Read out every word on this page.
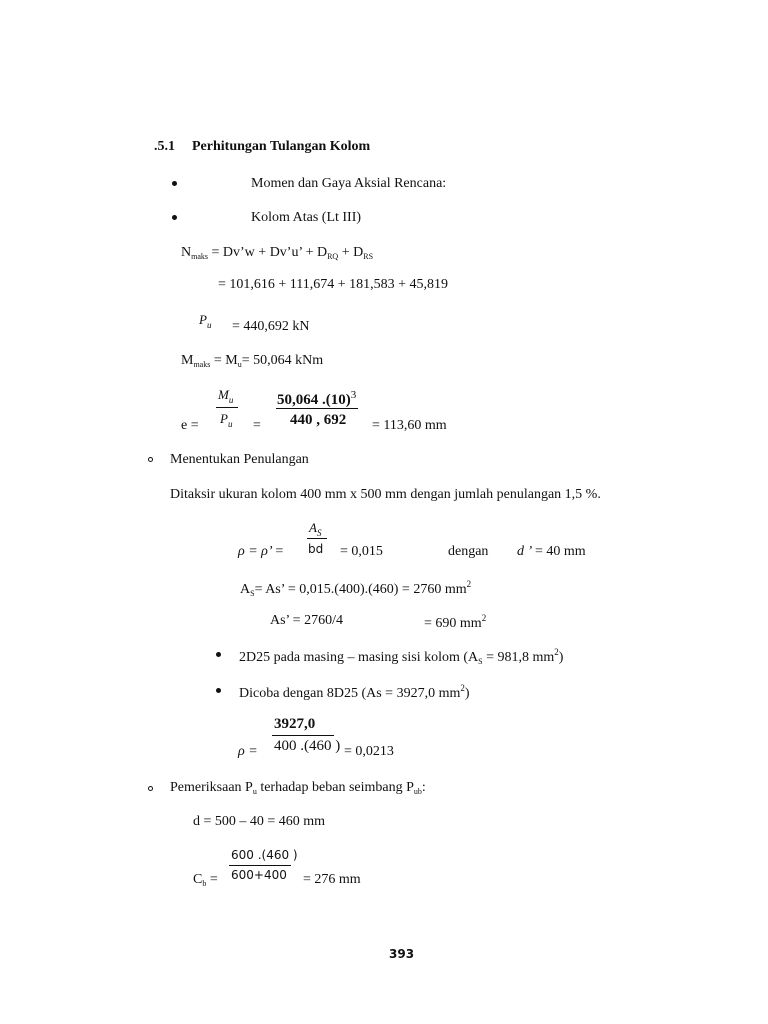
.5.1 Perhitungan Tulangan Kolom
Momen dan Gaya Aksial Rencana:
Kolom Atas (Lt III)
$N_{maks}$ = Dv’w + Dv’u’ + $D_{RQ} + D_{RS}$
= 101,616 + 111,674 + 181,583 + 45,819
$P_u = 440,692$ kN
$M_{maks} = M_u= 50,064$ kNm
e =
$M_u$
$P_u$ =
50,064 $.(10)^3$
440 , 692 = 113,60 mm
Menentukan Penulangan
Ditaksir ukuran kolom 400 mm x 500 mm dengan jumlah penulangan 1,5 %.
ρ = ρ’ =
$A_S$
bd = 0,015	dengan d ’ = 40 mm
$A_S= As$’ = 0,015.(400).(460) = 2760 $mm^2$
As’ = 2760/4	= 690 $mm^2$
2D25 pada masing – masing sisi kolom ($A_S = 981,8$ $mm^2$)
Dicoba dengan 8D25 (As = 3927,0 $mm^2$)
ρ =
3927,0
400 .(460 ) = 0,0213
Pemeriksaan $P_u$ terhadap beban seimbang $P_{ub}$:
d = 500 – 40 = 460 mm
$C_b$ =
600 .(460 )
600+400 = 276 mm
393
